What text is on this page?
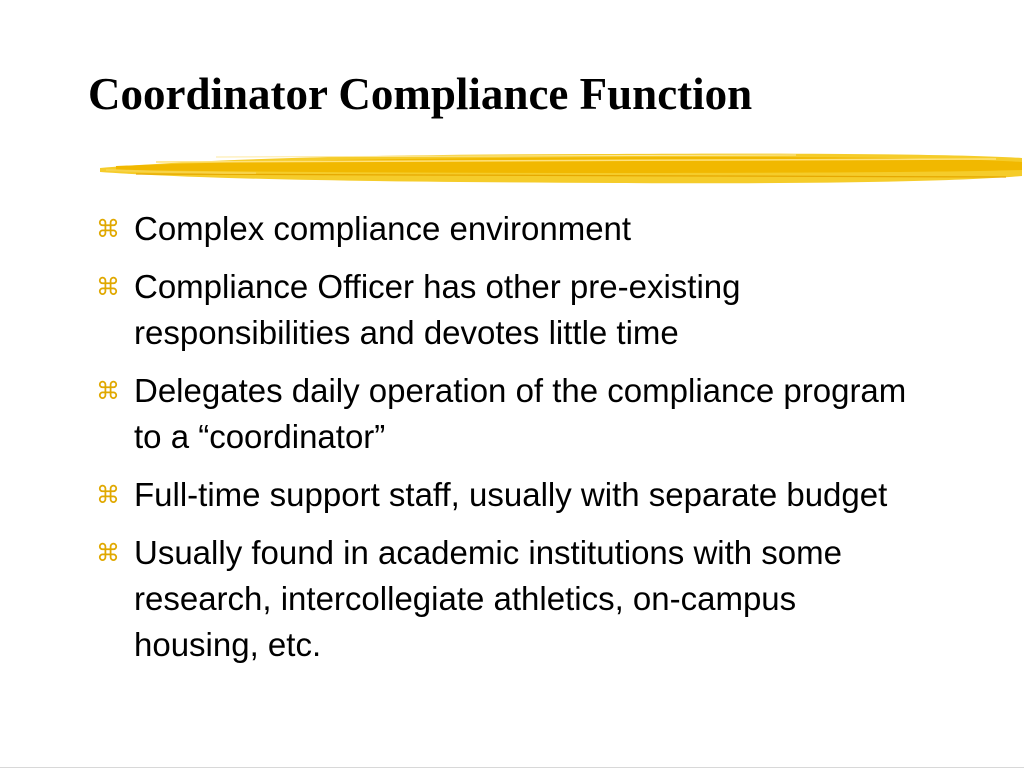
Coordinator Compliance Function
⌘ Complex compliance environment
⌘ Compliance Officer has other pre-existing responsibilities and devotes little time
⌘ Delegates daily operation of the compliance program to a “coordinator”
⌘ Full-time support staff, usually with separate budget
⌘ Usually found in academic institutions with some research, intercollegiate athletics, on-campus housing, etc.
